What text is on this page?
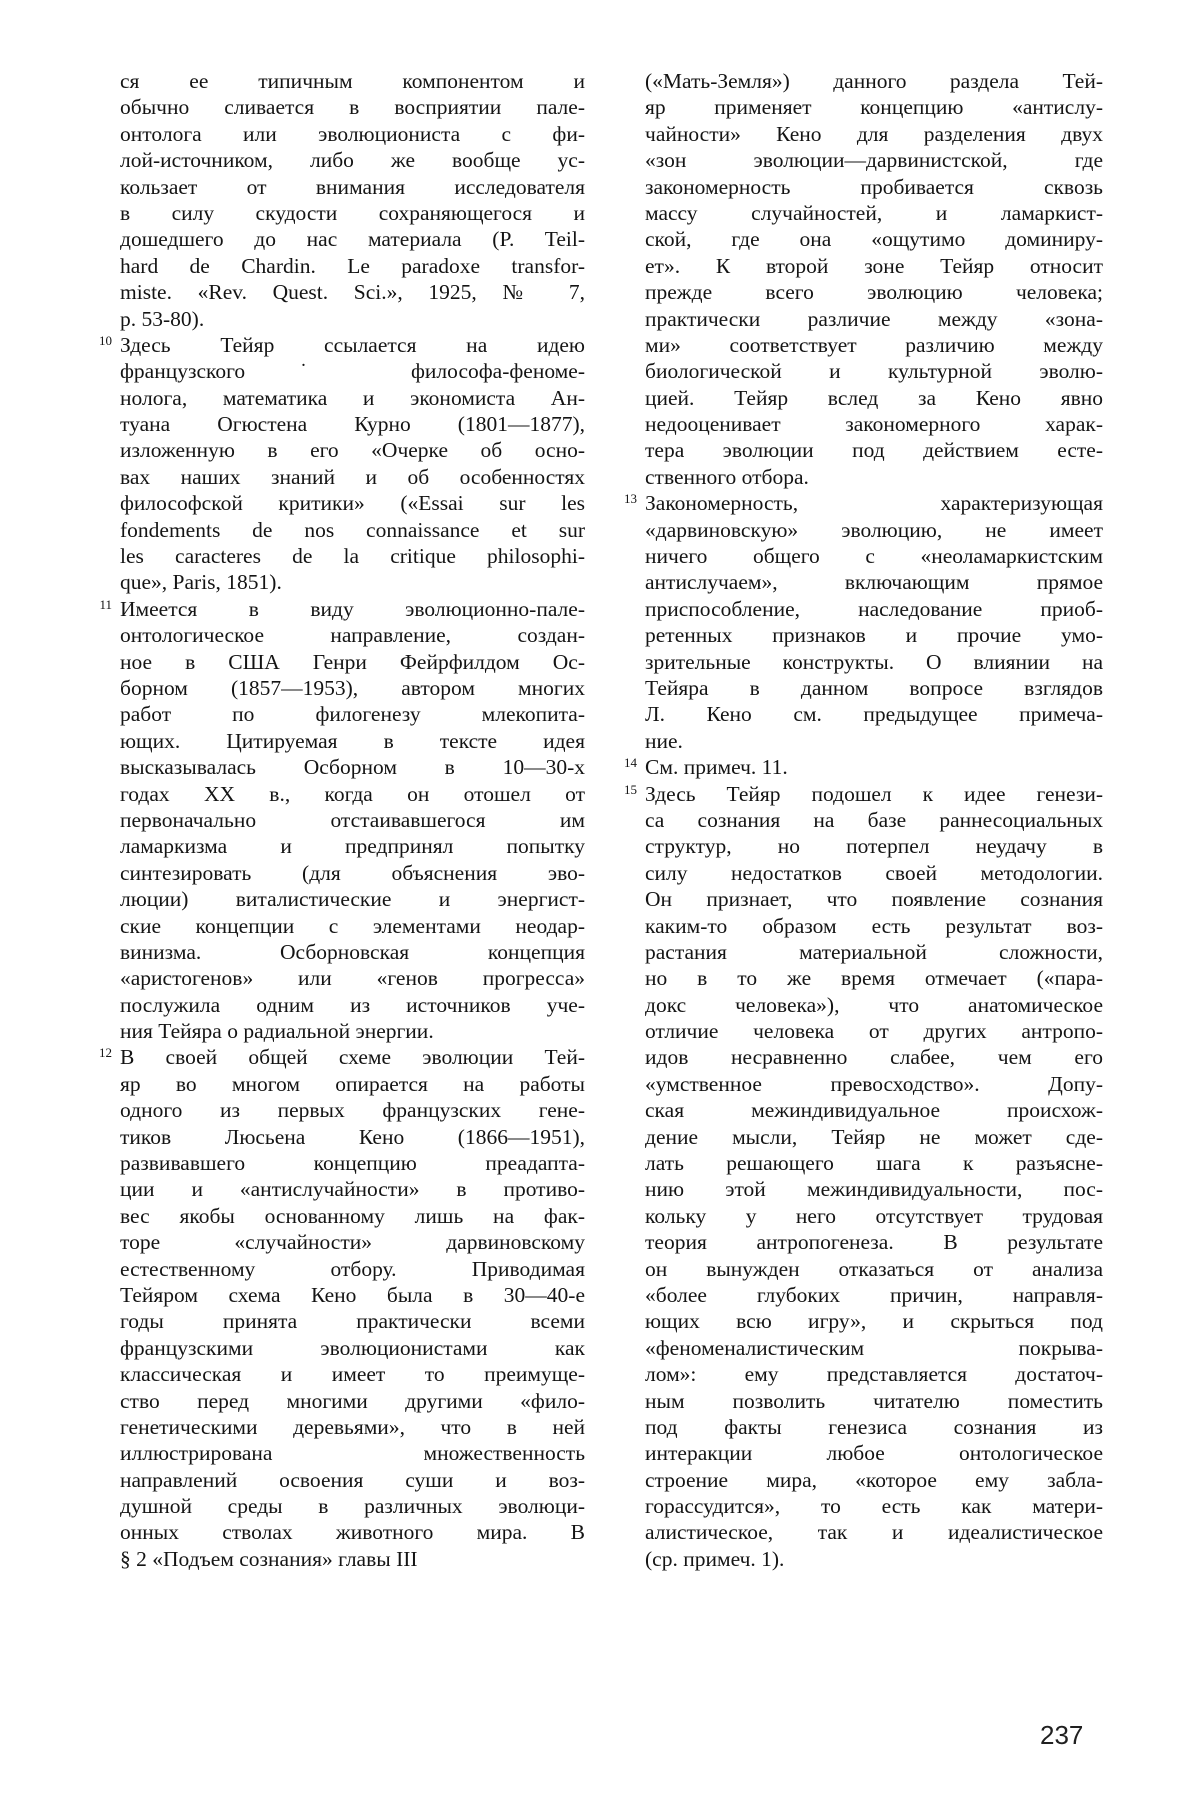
ся ее типичным компонентом и
обычно сливается в восприятии пале-
онтолога или эволюциониста с фи-
лой-источником, либо же вообще ус-
кользает от внимания исследователя
в силу скудости сохраняющегося и
дошедшего до нас материала (P. Teil-
hard de Chardin. Le paradoxe transfor-
miste. «Rev. Quest. Sci.», 1925, № 7,
р. 53-80).
10 Здесь Тейяр ссылается на идею
французского ˙ философа-феноме-
нолога, математика и экономиста Ан-
туана Огюстена Курно (1801—1877),
изложенную в его «Очерке об осно-
вах наших знаний и об особенностях
философской критики» («Essai sur les
fondements de nos connaissance et sur
les caracteres de la critique philosophi-
que», Paris, 1851).
11 Имеется в виду эволюционно-пале-
онтологическое направление, создан-
ное в США Генри Фейрфилдом Ос-
борном (1857—1953), автором многих
работ по филогенезу млекопита-
ющих. Цитируемая в тексте идея
высказывалась Осборном в 10—30-х
годах XX в., когда он отошел от
первоначально отстаивавшегося им
ламаркизма и предпринял попытку
синтезировать (для объяснения эво-
люции) виталистические и энергист-
ские концепции с элементами неодар-
винизма. Осборновская концепция
«аристогенов» или «генов прогресса»
послужила одним из источников уче-
ния Тейяра о радиальной энергии.
12 В своей общей схеме эволюции Тей-
яр во многом опирается на работы
одного из первых французских гене-
тиков Люсьена Кено (1866—1951),
развивавшего концепцию преадапта-
ции и «антислучайности» в противо-
вес якобы основанному лишь на фак-
торе «случайности» дарвиновскому
естественному отбору. Приводимая
Тейяром схема Кено была в 30—40-е
годы принята практически всеми
французскими эволюционистами как
классическая и имеет то преимуще-
ство перед многими другими «фило-
генетическими деревьями», что в ней
иллюстрирована множественность
направлений освоения суши и воз-
душной среды в различных эволюци-
онных стволах животного мира. В
§ 2 «Подъем сознания» главы III
(«Мать-Земля») данного раздела Тей-
яр применяет концепцию «антислу-
чайности» Кено для разделения двух
«зон эволюции—дарвинистской, где
закономерность пробивается сквозь
массу случайностей, и ламаркист-
ской, где она «ощутимо доминиру-
ет». К второй зоне Тейяр относит
прежде всего эволюцию человека;
практически различие между «зона-
ми» соответствует различию между
биологической и культурной эволю-
цией. Тейяр вслед за Кено явно
недооценивает закономерного харак-
тера эволюции под действием есте-
ственного отбора.
13 Закономерность, характеризующая
«дарвиновскую» эволюцию, не имеет
ничего общего с «неоламаркистским
антислучаем», включающим прямое
приспособление, наследование приоб-
ретенных признаков и прочие умо-
зрительные конструкты. О влиянии на
Тейяра в данном вопросе взглядов
Л. Кено см. предыдущее примеча-
ние.
14 См. примеч. 11.
15 Здесь Тейяр подошел к идее генези-
са сознания на базе раннесоциальных
структур, но потерпел неудачу в
силу недостатков своей методологии.
Он признает, что появление сознания
каким-то образом есть результат воз-
растания материальной сложности,
но в то же время отмечает («пара-
докс человека»), что анатомическое
отличие человека от других антропо-
идов несравненно слабее, чем его
«умственное превосходство». Допу-
ская межиндивидуальное происхож-
дение мысли, Тейяр не может сде-
лать решающего шага к разъясне-
нию этой межиндивидуальности, пос-
кольку у него отсутствует трудовая
теория антропогенеза. В результате
он вынужден отказаться от анализа
«более глубоких причин, направля-
ющих всю игру», и скрыться под
«феноменалистическим покрыва-
лом»: ему представляется достаточ-
ным позволить читателю поместить
под факты генезиса сознания из
интеракции любое онтологическое
строение мира, «которое ему забла-
горассудится», то есть как матери-
алистическое, так и идеалистическое
(ср. примеч. 1).
237
